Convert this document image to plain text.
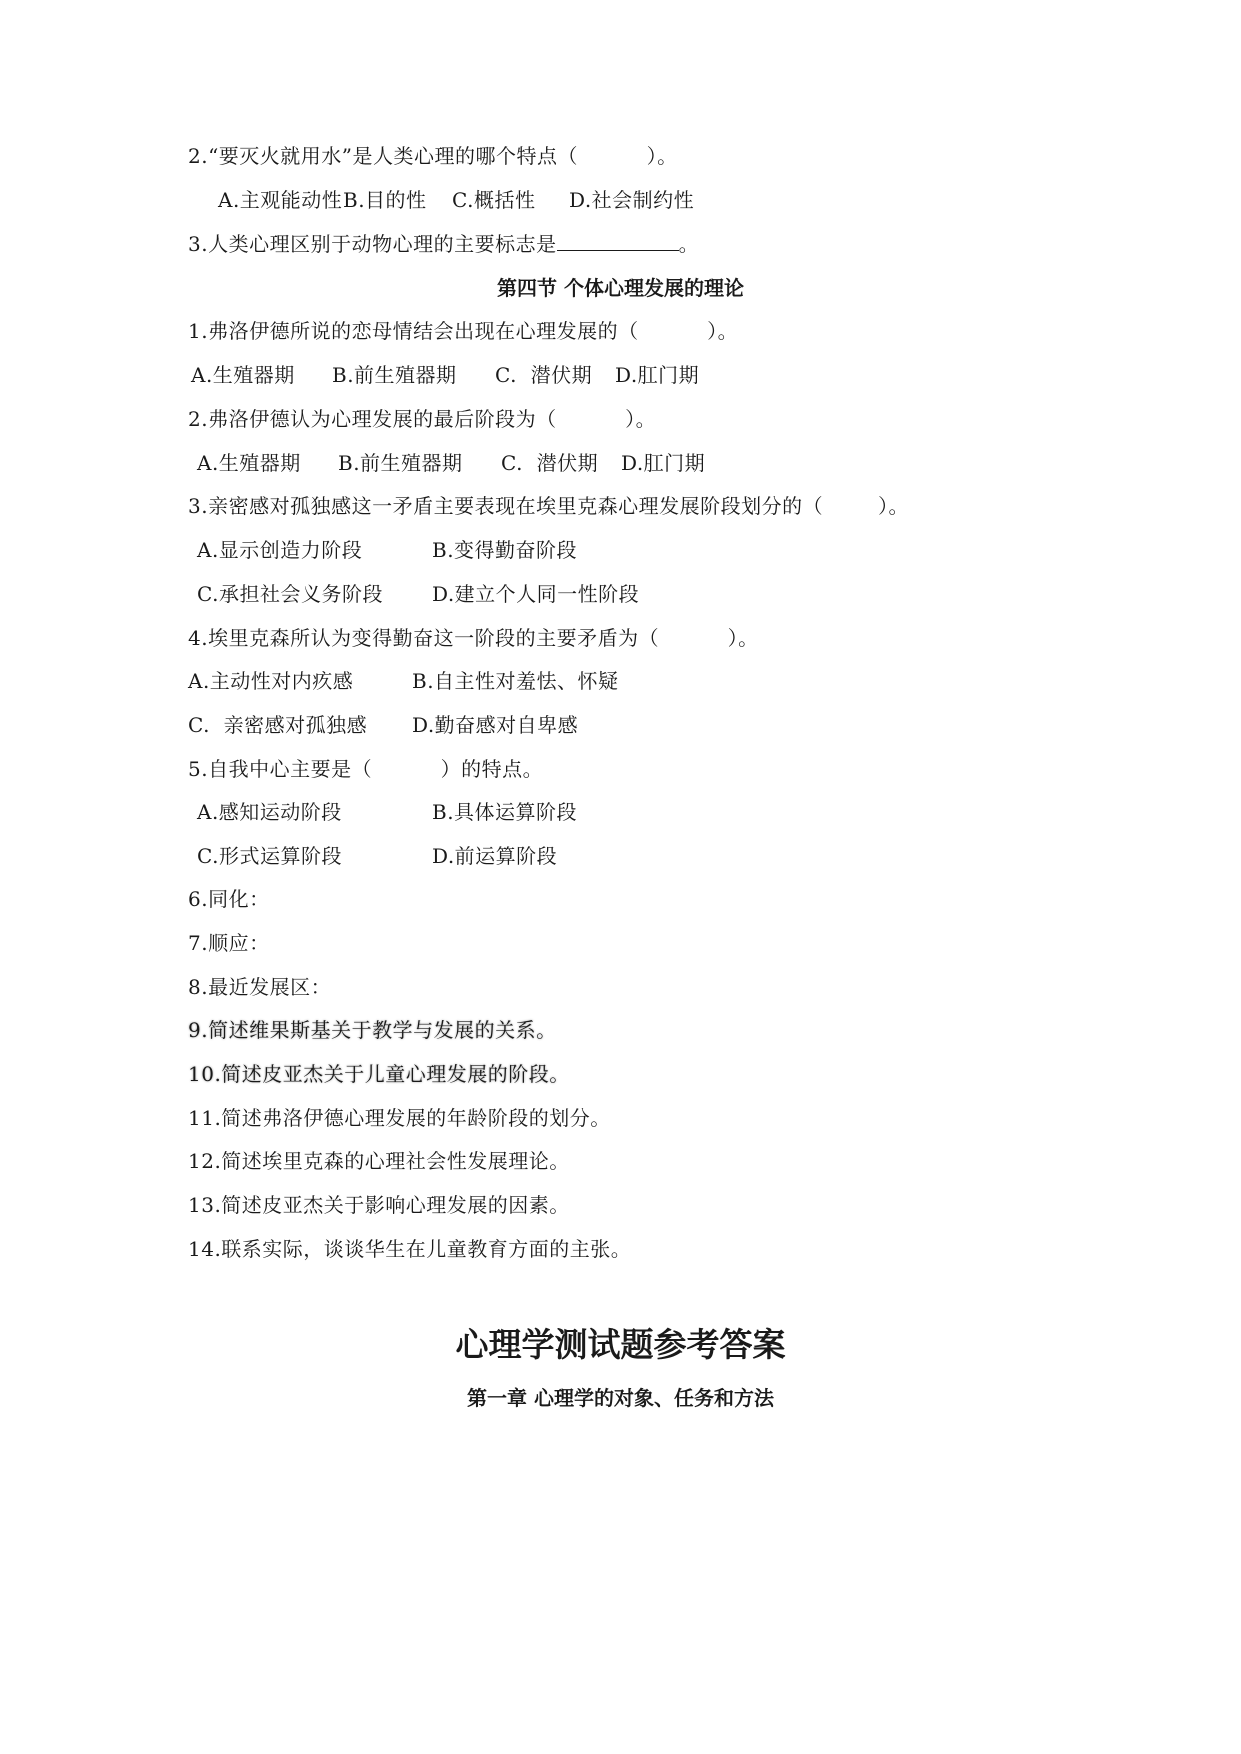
2.“要灭火就用水”是人类心理的哪个特点（          ）。
A.主观能动性 B.目的性 C.概括性 D.社会制约性
3.人类心理区别于动物心理的主要标志是	。
第四节 个体心理发展的理论
1.弗洛伊德所说的恋母情结会出现在心理发展的（          ）。
A.生殖器期 B.前生殖器期 C.  潜伏期 D.肛门期
2.弗洛伊德认为心理发展的最后阶段为（          ）。
A.生殖器期 B.前生殖器期 C.  潜伏期 D.肛门期
3.亲密感对孤独感这一矛盾主要表现在埃里克森心理发展阶段划分的（        ）。
A.显示创造力阶段	B.变得勤奋阶段
C.承担社会义务阶段 D.建立个人同一性阶段
4.埃里克森所认为变得勤奋这一阶段的主要矛盾为（          ）。
A.主动性对内疚感	B.自主性对羞怯、怀疑
C.  亲密感对孤独感 D.勤奋感对自卑感
5.自我中心主要是（          ）的特点。
A.感知运动阶段	B.具体运算阶段
C.形式运算阶段	D.前运算阶段
6.同化：
7.顺应：
8.最近发展区：
9.简述维果斯基关于教学与发展的关系。
10.简述皮亚杰关于儿童心理发展的阶段。
11.简述弗洛伊德心理发展的年龄阶段的划分。
12.简述埃里克森的心理社会性发展理论。
13.简述皮亚杰关于影响心理发展的因素。
14.联系实际，谈谈华生在儿童教育方面的主张。
心理学测试题参考答案
第一章 心理学的对象、任务和方法
